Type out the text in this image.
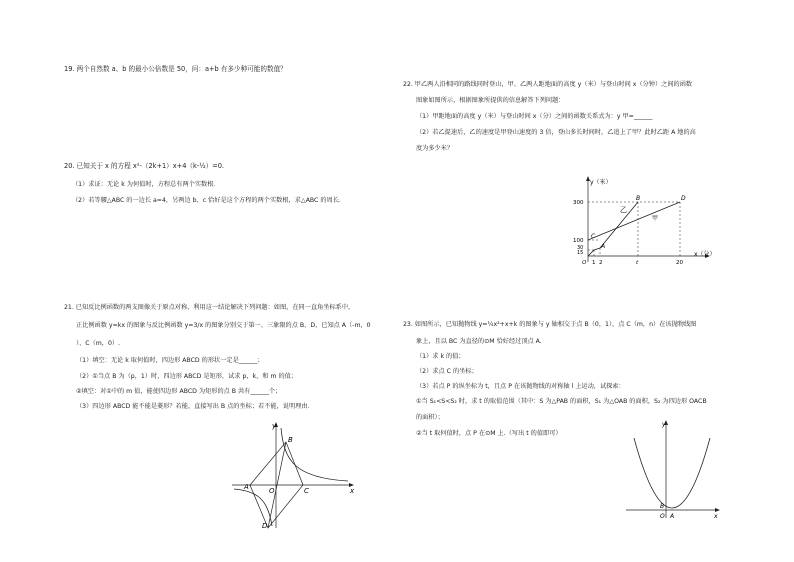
19. 两个自然数 a、b 的最小公倍数是 50，问：a+b 有多少种可能的数值？
20. 已知关于 x 的方程 x²-（2k+1）x+4（k-½）=0.
（1）求证：无论 k 为何值时，方程总有两个实数根.
（2）若等腰△ABC 的一边长 a=4，另两边 b、c 恰好是这个方程的两个实数根，求△ABC 的周长.
21. 已知反比例函数的两支图像关于原点对称，利用这一结论解决下列问题：如图，在同一直角坐标系中，
正比例函数 y=kx 的图象与反比例函数 y=3/x 的图象分别交于第一、三象限的点 B，D，已知点 A（-m，0
）、C（m，0）.
（1）填空：无论 k 取何值时，四边形 ABCD 的形状一定是______；
（2）①当点 B 为（p，1）时，四边形 ABCD 是矩形，试求 p，k，和 m 的值；
②填空：对①中的 m 值，能使四边形 ABCD 为矩形的点 B 共有______个；
（3）四边形 ABCD 能不能是菱形？若能，直接写出 B 点的坐标；若不能，说明理由.
y
x
O
A
B
C
D
22. 甲乙两人沿相同的路线同时登山，甲、乙两人距地面的高度 y（米）与登山时间 x（分钟）之间的函数
图象如图所示，根据图象所提供的信息解答下列问题：
（1）甲距地面的高度 y（米）与登山时间 x（分）之间的函数关系式为：y 甲=______
（2）若乙提速后，乙的速度是甲登山速度的 3 倍，登山多长时间时，乙追上了甲？此时乙距 A 地的高
度为多少米？
y（米）
x（分）
300
100
30
15
O 1 2	t	20
B	D
C
A
乙
甲
23. 如图所示，已知抛物线 y=¼x²+x+k 的图象与 y 轴相交于点 B（0，1），点 C（m，n）在该抛物线图
象上，且以 BC 为直径的⊙M 恰好经过顶点 A.
（1）求 k 的值；
（2）求点 C 的坐标；
（3）若点 P 的纵坐标为 t，且点 P 在该抛物线的对称轴 l 上运动，试探索：
①当 S₁<S<S₂ 时，求 t 的取值范围（其中：S 为△PAB 的面积，S₁ 为△OAB 的面积，S₂ 为四边形 OACB
的面积）；
②当 t 取何值时，点 P 在⊙M 上.（写出 t 的值即可）
y
x
O A
B
